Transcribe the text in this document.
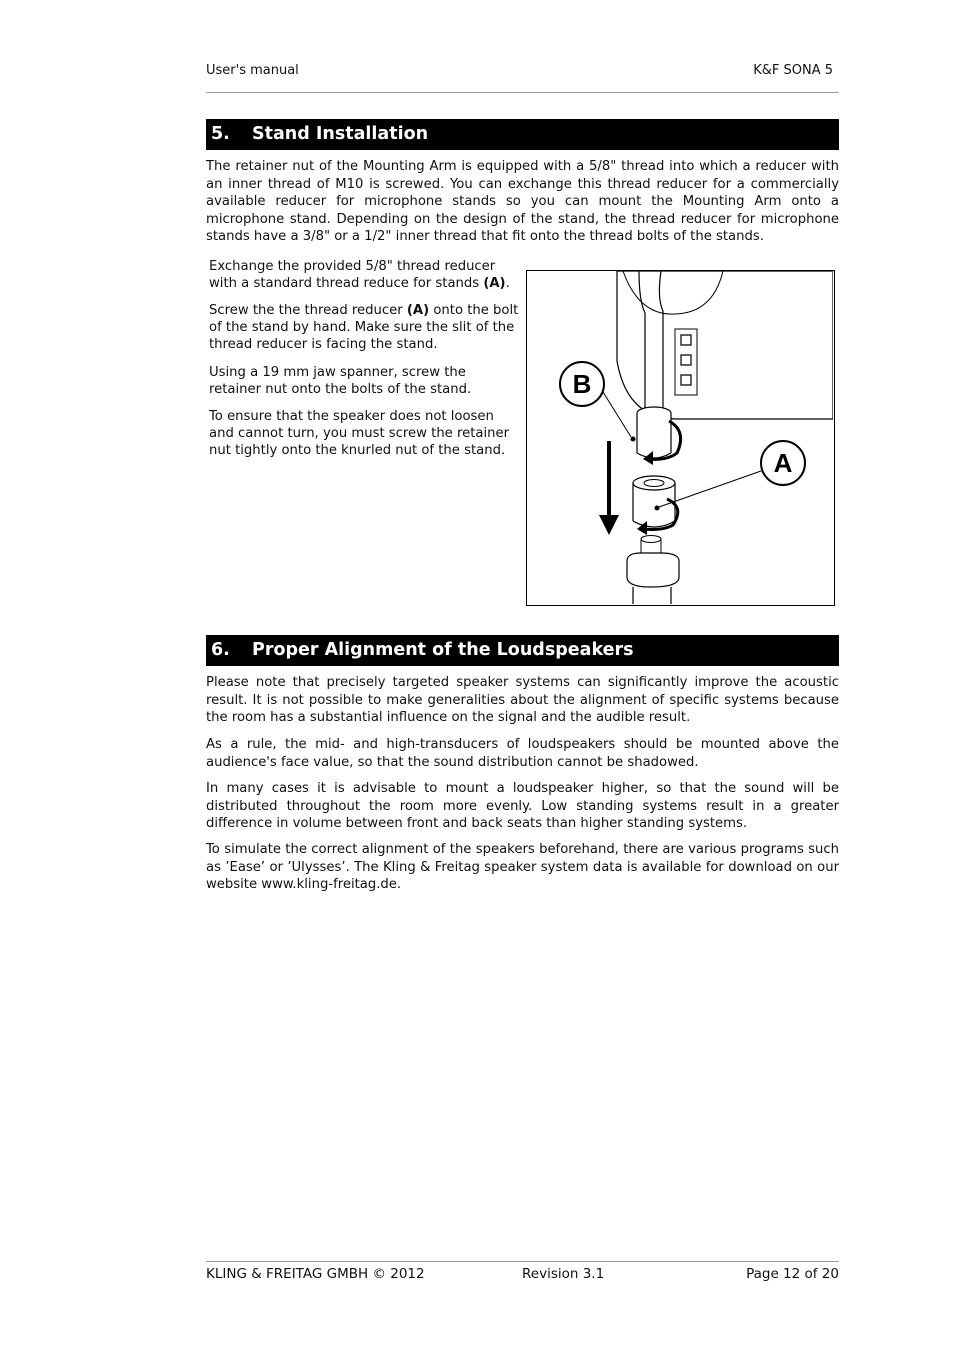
User's manual	K&F SONA 5
5. Stand Installation

The retainer nut of the Mounting Arm is equipped with a 5/8" thread into which a reducer with an inner thread of M10 is screwed. You can exchange this thread reducer for a commercially available reducer for microphone stands so you can mount the Mounting Arm onto a microphone stand. Depending on the design of the stand, the thread reducer for microphone stands have a 3/8" or a 1/2" inner thread that fit onto the thread bolts of the stands.

Exchange the provided 5/8" thread reducer with a standard thread reduce for stands (A).

Screw the the thread reducer (A) onto the bolt of the stand by hand. Make sure the slit of the thread reducer is facing the stand.

Using a 19 mm jaw spanner, screw the retainer nut onto the bolts of the stand.

To ensure that the speaker does not loosen and cannot turn, you must screw the retainer nut tightly onto the knurled nut of the stand.

B
A
6. Proper Alignment of the Loudspeakers

Please note that precisely targeted speaker systems can significantly improve the acoustic result. It is not possible to make generalities about the alignment of specific systems because the room has a substantial influence on the signal and the audible result.

As a rule, the mid- and high-transducers of loudspeakers should be mounted above the audience's face value, so that the sound distribution cannot be shadowed.

In many cases it is advisable to mount a loudspeaker higher, so that the sound will be distributed throughout the room more evenly. Low standing systems result in a greater difference in volume between front and back seats than higher standing systems.

To simulate the correct alignment of the speakers beforehand, there are various programs such as ’Ease’ or ’Ulysses’. The Kling & Freitag speaker system data is available for download on our website www.kling-freitag.de.

KLING & FREITAG GMBH © 2012	Revision 3.1	Page 12 of 20
